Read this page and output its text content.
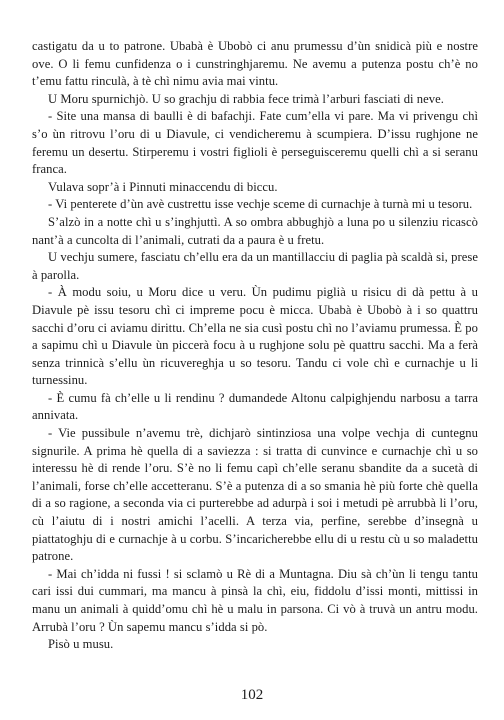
castigatu da u to patrone. Ubabà è Ubobò ci anu prumessu d’ùn snidicà più e nostre ove. O li femu cunfidenza o i cunstringhjaremu. Ne avemu a putenza postu ch’è no t’emu fattu rinculà, à tè chì nimu avia mai vintu.

U Moru spurnichjò. U so grachju di rabbia fece trimà l’arburi fasciati di neve.

- Site una mansa di baulli è di bafachji. Fate cum’ella vi pare. Ma vi privengu chì s’o ùn ritrovu l’oru di u Diavule, ci vendicheremu à scumpiera. D’issu rughjone ne feremu un desertu. Stirperemu i vostri figlioli è perseguisceremu quelli chì a si seranu franca.

Vulava sopr’à i Pinnuti minaccendu di biccu.

- Vi penterete d’ùn avè custrettu isse vechje sceme di curnachje à turnà mi u tesoru.

S’alzò in a notte chì u s’inghjuttì. A so ombra abbughjò a luna po u silenziu ricascò nant’à a cuncolta di l’animali, cutrati da a paura è u fretu.

U vechju sumere, fasciatu ch’ellu era da un mantillacciu di paglia pà scaldà si, prese à parolla.

- À modu soiu, u Moru dice u veru. Ùn pudimu piglià u risicu di dà pettu à u Diavule pè issu tesoru chì ci impreme pocu è micca. Ubabà è Ubobò à i so quattru sacchi d’oru ci aviamu dirittu. Ch’ella ne sia cusì postu chì no l’aviamu prumessa. È po a sapimu chì u Diavule ùn piccerà focu à u rughjone solu pè quattru sacchi. Ma a ferà senza trinnicà s’ellu ùn ricuvereghja u so tesoru. Tandu ci vole chì e curnachje u li turnessinu.

- È cumu fà ch’elle u li rendinu ? dumandede Altonu calpighjendu narbosu a tarra annivata.

- Vie pussibule n’avemu trè, dichjarò sintinziosa una volpe vechja di cuntegnu signurile. A prima hè quella di a saviezza : si tratta di cunvince e curnachje chì u so interessu hè di rende l’oru. S’è no li femu capì ch’elle seranu sbandite da a sucetà di l’animali, forse ch’elle accetteranu. S’è a putenza di a so smania hè più forte chè quella di a so ragione, a seconda via ci purterebbe ad adurpà i soi i metudi pè arrubbà li l’oru, cù l’aiutu di i nostri amichi l’acelli. A terza via, perfine, serebbe d’insegnà u piattatoghju di e curnachje à u corbu. S’incaricherebbe ellu di u restu cù u so maladettu patrone.

- Mai ch’idda ni fussi ! si sclamò u Rè di a Muntagna. Diu sà ch’ùn li tengu tantu cari issi dui cummari, ma mancu à pinsà la chì, eiu, fiddolu d’issi monti, mittissi in manu un animali à quidd’omu chì hè u malu in parsona. Ci vò à truvà un antru modu. Arrubà l’oru ? Ùn sapemu mancu s’idda si pò.

Pisò u musu.

102
